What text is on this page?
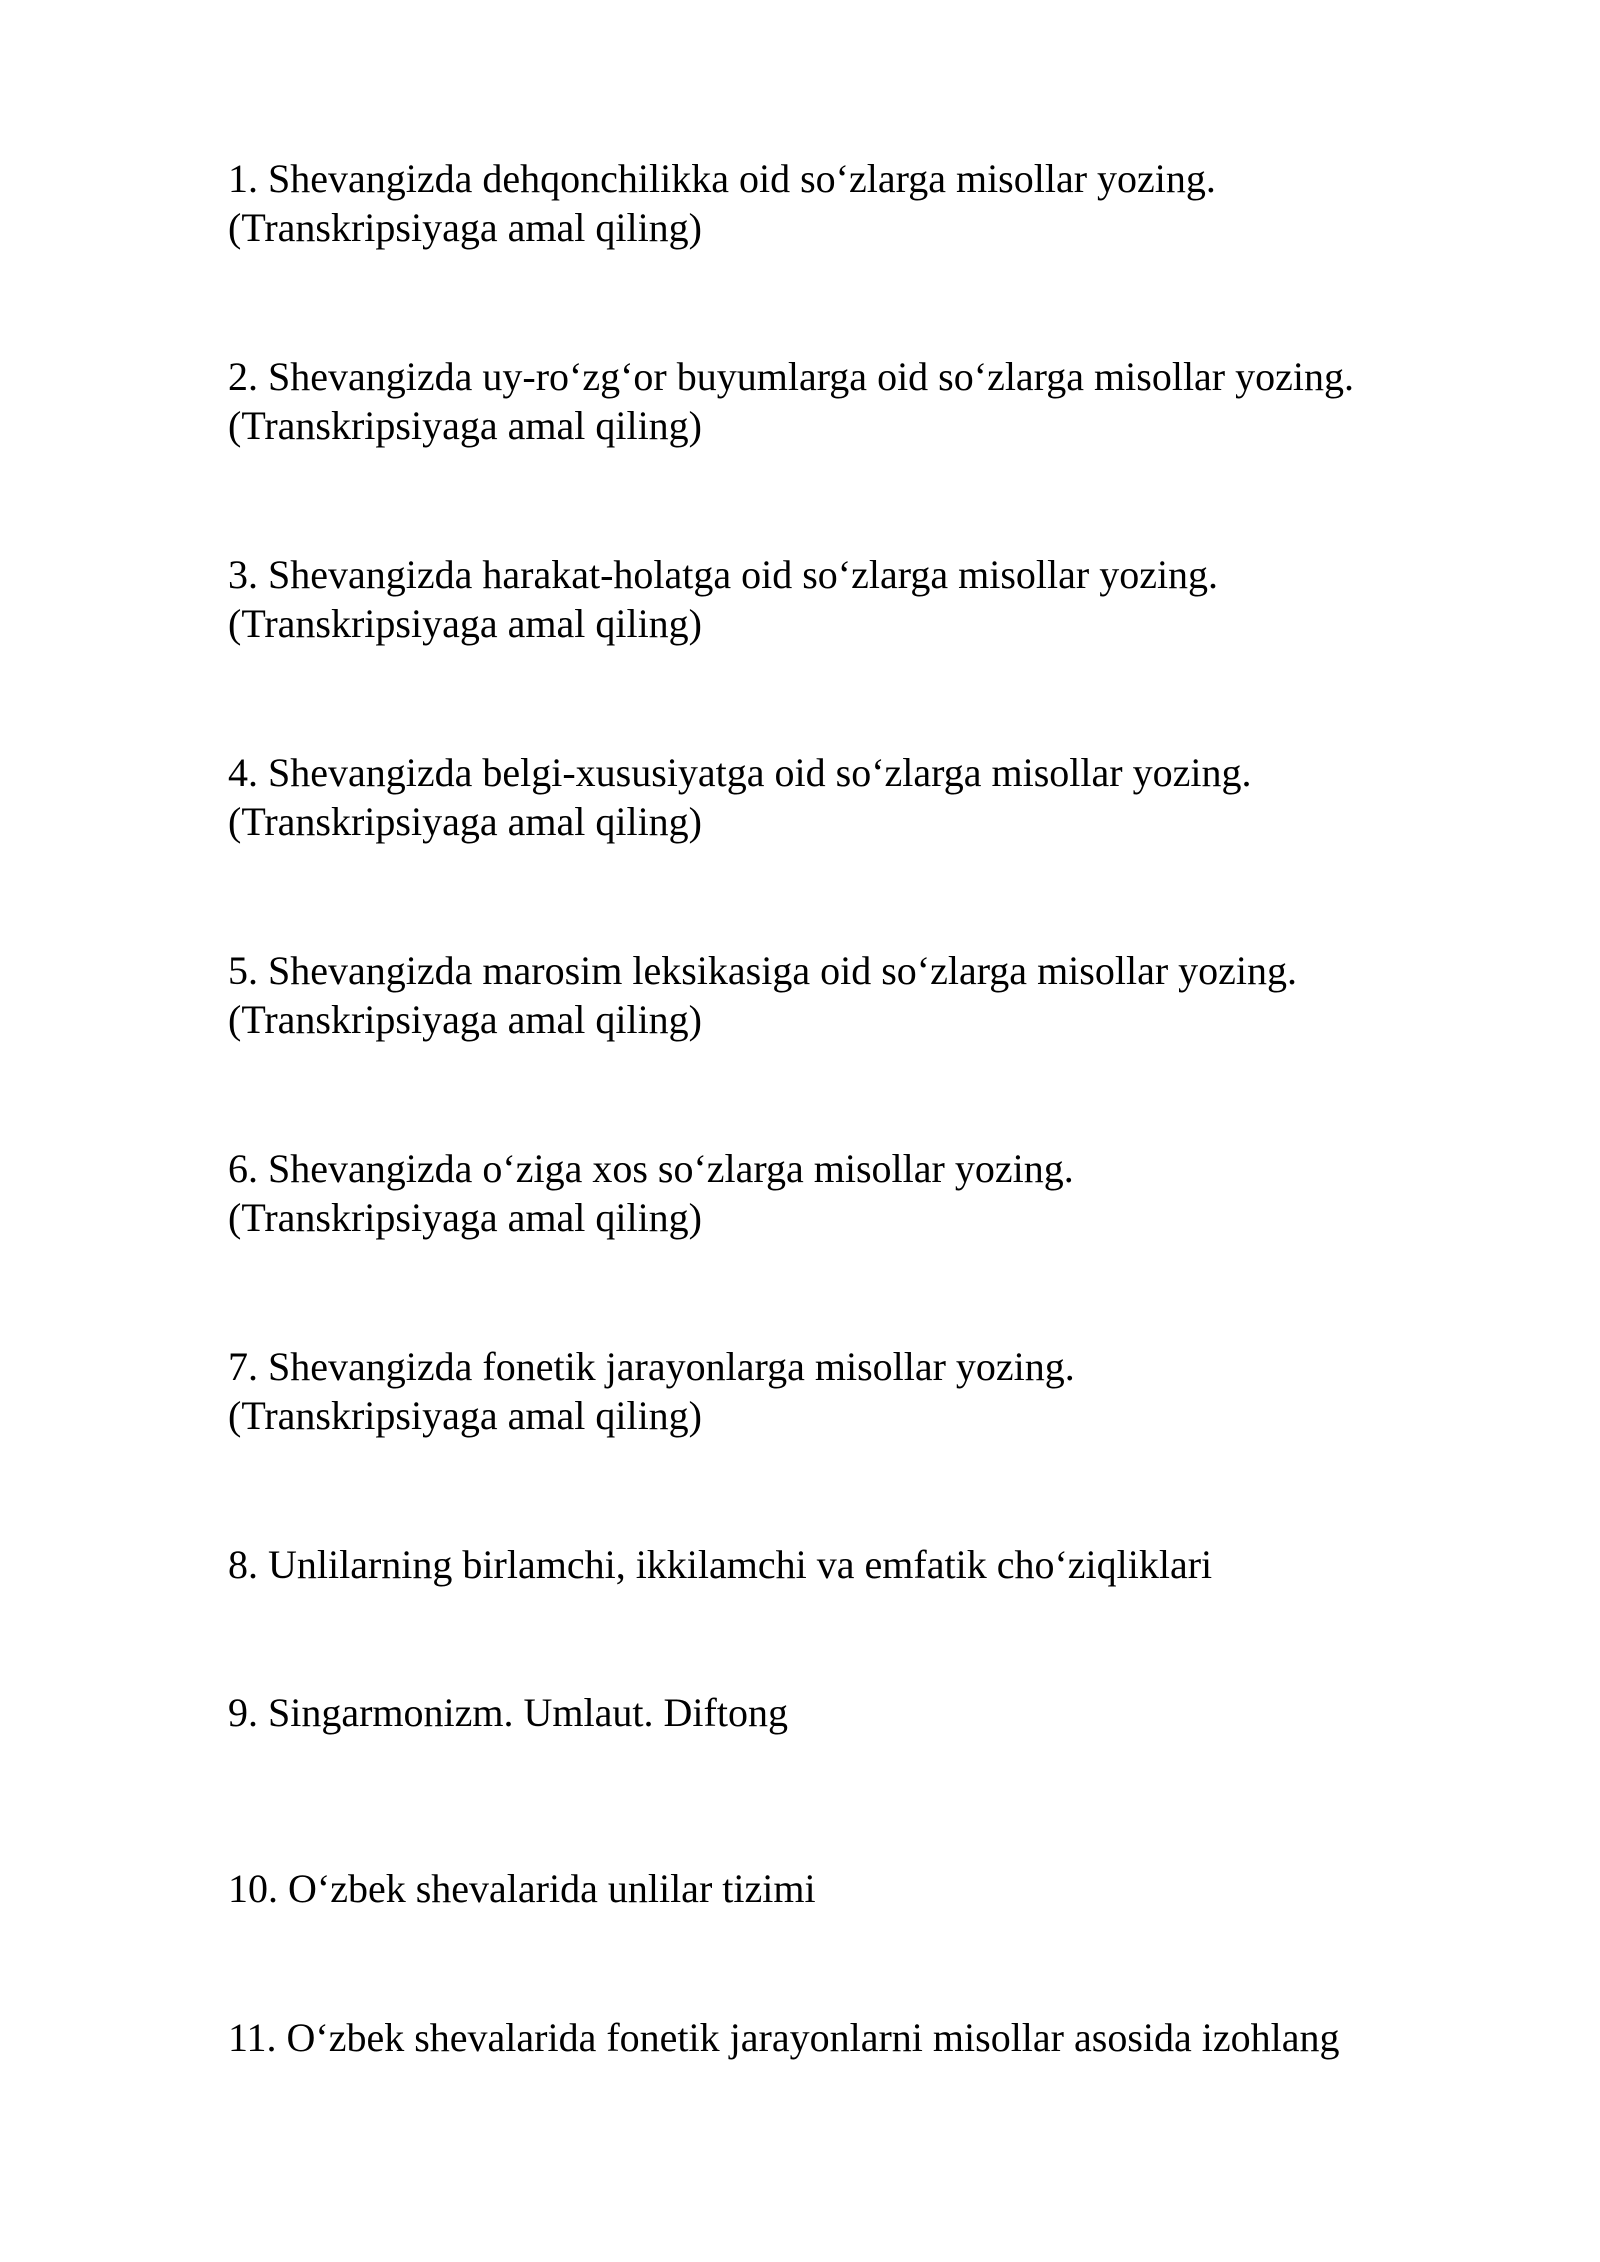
1. Shevangizda dehqonchilikka oid so‘zlarga misollar yozing.
(Transkripsiyaga amal qiling)
2. Shevangizda uy-ro‘zg‘or buyumlarga oid so‘zlarga misollar yozing.
(Transkripsiyaga amal qiling)
3. Shevangizda harakat-holatga oid so‘zlarga misollar yozing.
(Transkripsiyaga amal qiling)
4. Shevangizda belgi-xususiyatga oid so‘zlarga misollar yozing.
(Transkripsiyaga amal qiling)
5. Shevangizda marosim leksikasiga oid so‘zlarga misollar yozing.
(Transkripsiyaga amal qiling)
6. Shevangizda o‘ziga xos so‘zlarga misollar yozing.
(Transkripsiyaga amal qiling)
7. Shevangizda fonetik jarayonlarga misollar yozing.
(Transkripsiyaga amal qiling)
8. Unlilarning birlamchi, ikkilamchi va emfatik cho‘ziqliklari
9. Singarmonizm. Umlaut. Diftong
10. O‘zbek shevalarida unlilar tizimi
11. O‘zbek shevalarida fonetik jarayonlarni misollar asosida izohlang
